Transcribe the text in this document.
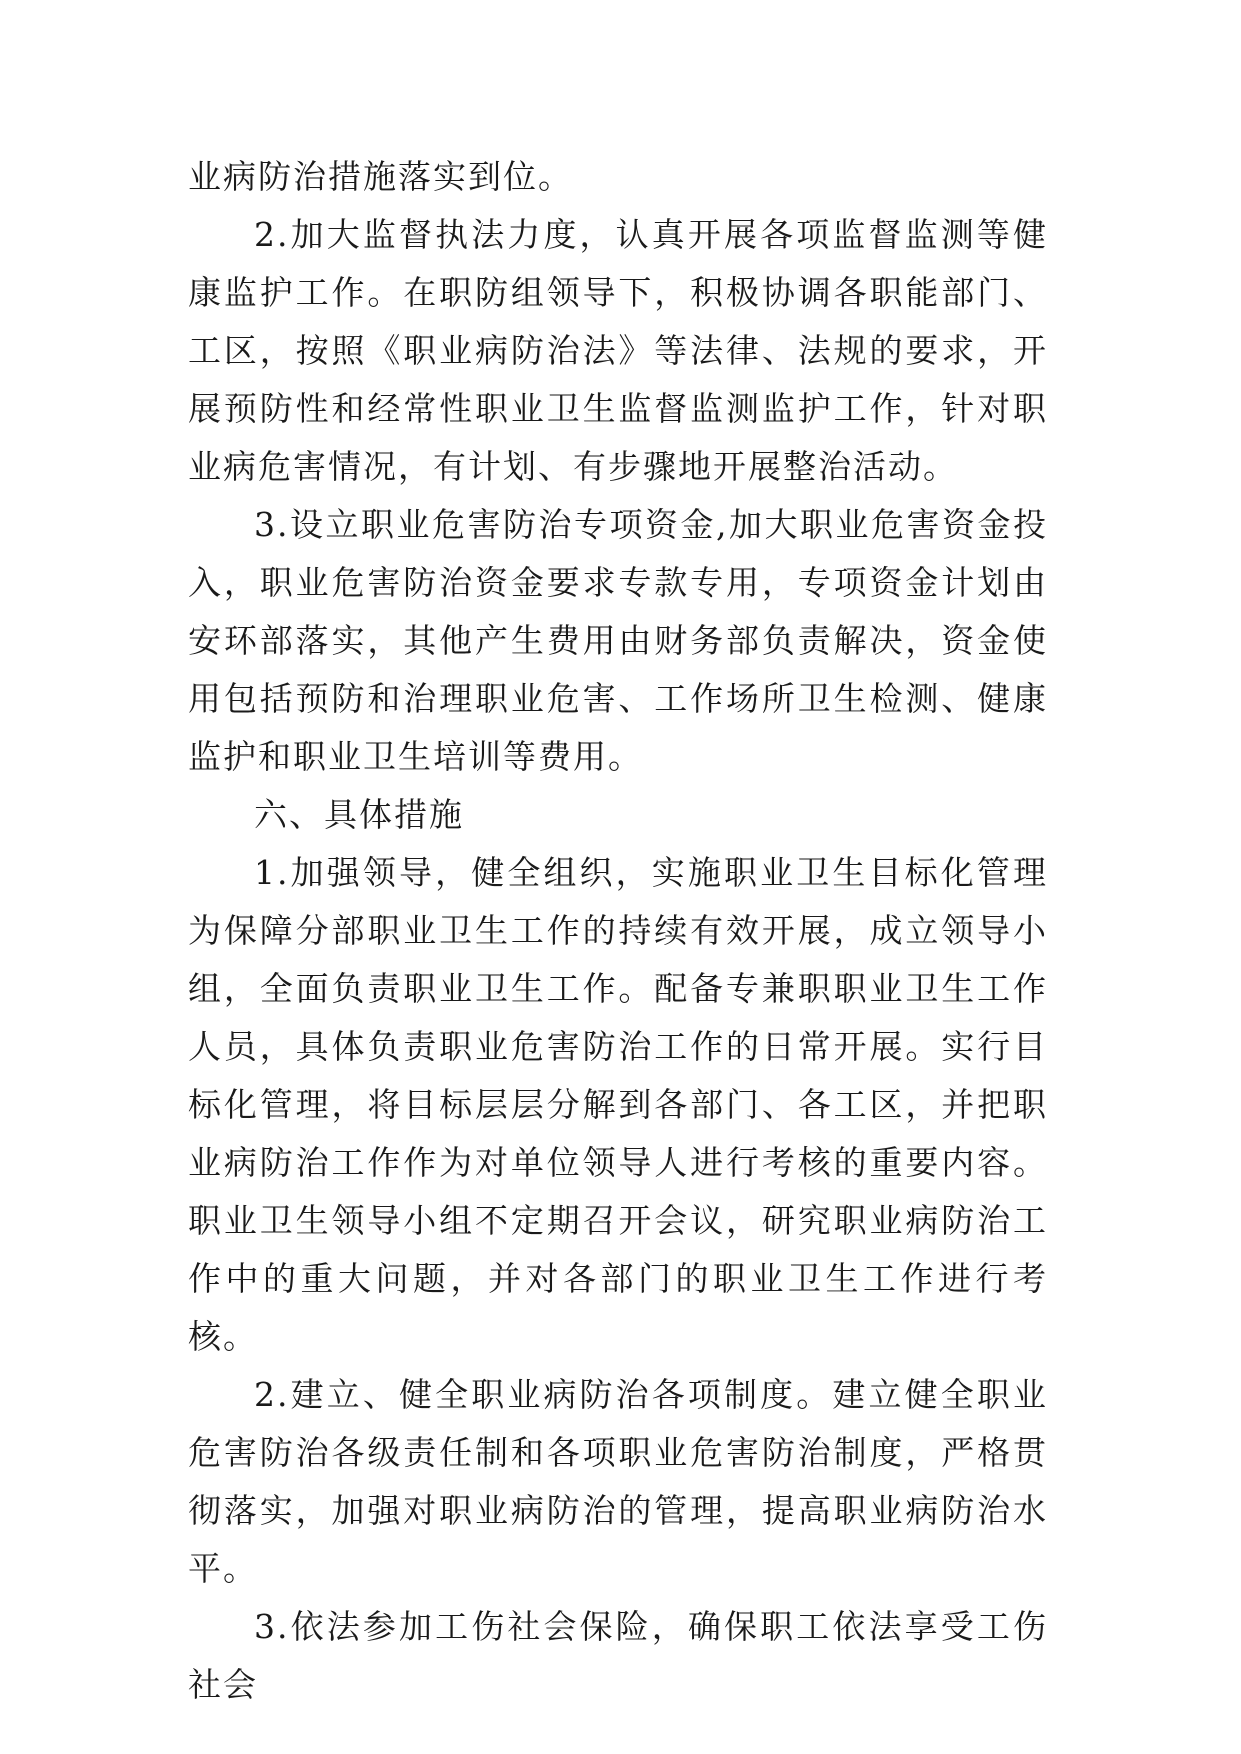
业病防治措施落实到位。

2.加大监督执法力度，认真开展各项监督监测等健康监护工作。在职防组领导下，积极协调各职能部门、工区，按照《职业病防治法》等法律、法规的要求，开展预防性和经常性职业卫生监督监测监护工作，针对职业病危害情况，有计划、有步骤地开展整治活动。

3.设立职业危害防治专项资金,加大职业危害资金投入，职业危害防治资金要求专款专用，专项资金计划由安环部落实，其他产生费用由财务部负责解决，资金使用包括预防和治理职业危害、工作场所卫生检测、健康监护和职业卫生培训等费用。

六、具体措施

1.加强领导，健全组织，实施职业卫生目标化管理为保障分部职业卫生工作的持续有效开展，成立领导小组，全面负责职业卫生工作。配备专兼职职业卫生工作人员，具体负责职业危害防治工作的日常开展。实行目标化管理，将目标层层分解到各部门、各工区，并把职业病防治工作作为对单位领导人进行考核的重要内容。职业卫生领导小组不定期召开会议，研究职业病防治工作中的重大问题，并对各部门的职业卫生工作进行考核。

2.建立、健全职业病防治各项制度。建立健全职业危害防治各级责任制和各项职业危害防治制度，严格贯彻落实，加强对职业病防治的管理，提高职业病防治水平。

3.依法参加工伤社会保险，确保职工依法享受工伤社会
